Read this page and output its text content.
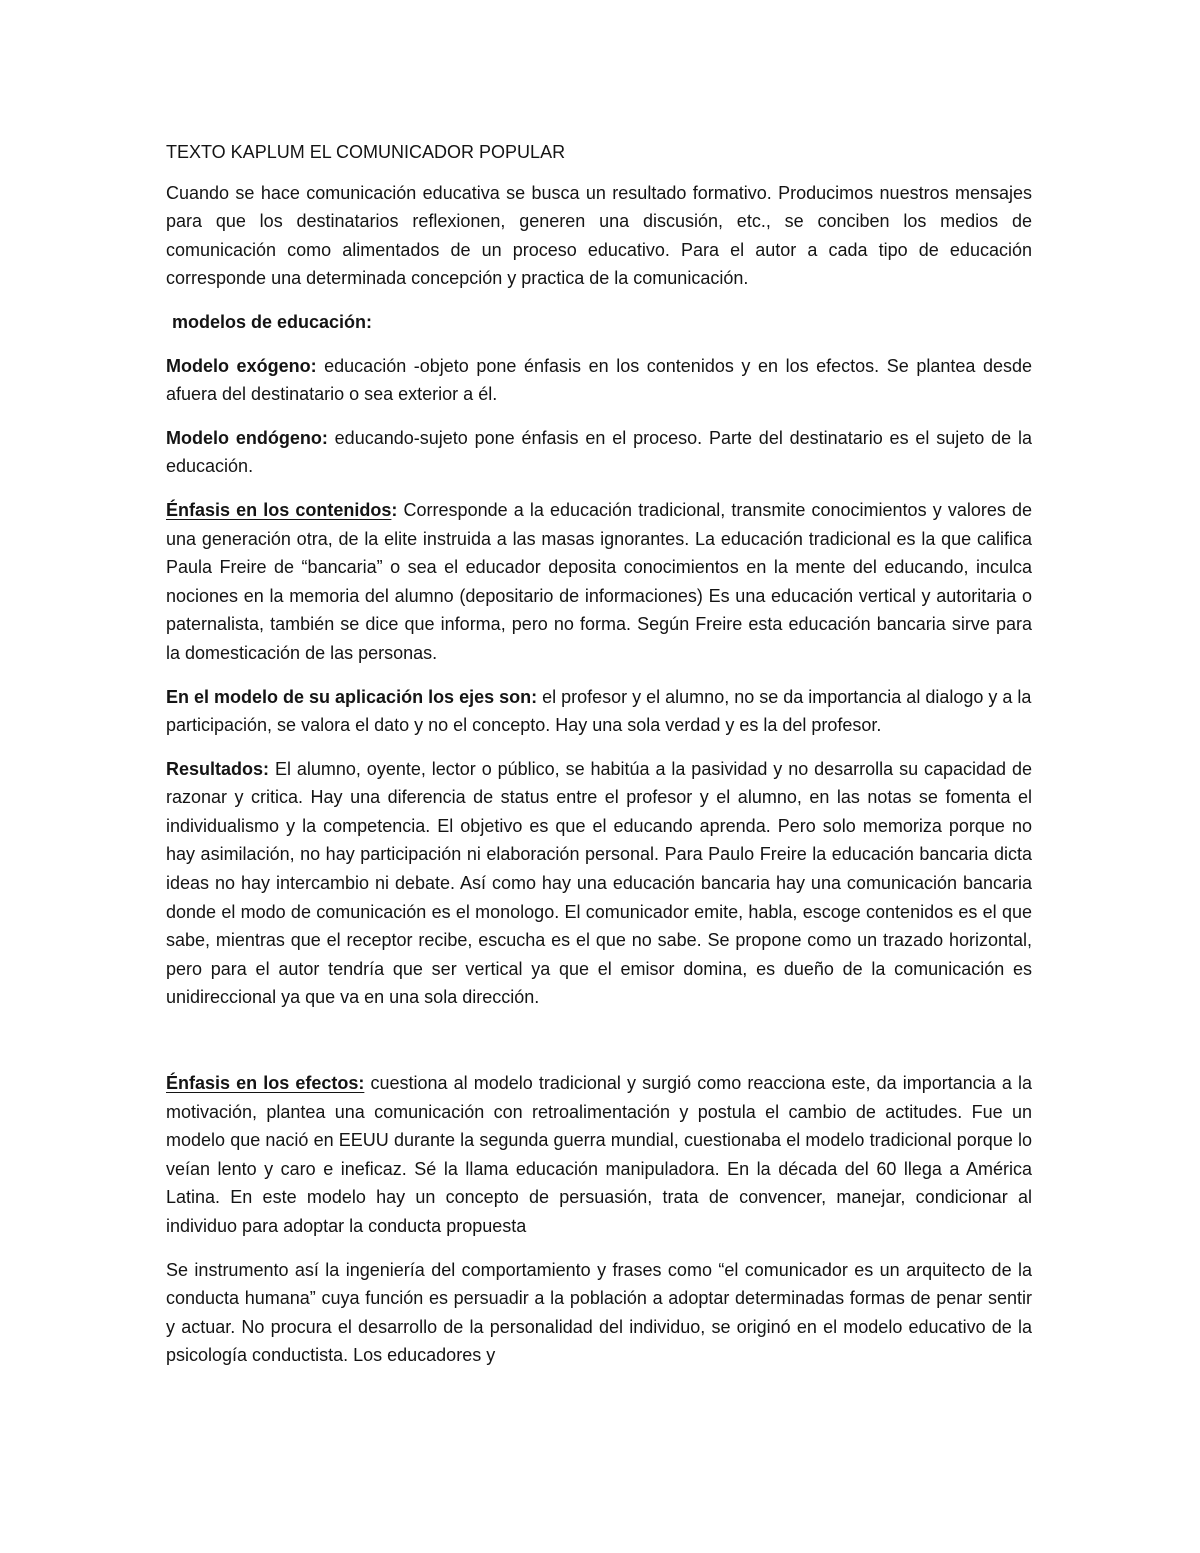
TEXTO KAPLUM EL COMUNICADOR POPULAR

Cuando se hace comunicación educativa se busca un resultado formativo. Producimos nuestros mensajes para que los destinatarios reflexionen, generen una discusión, etc., se conciben los medios de comunicación como alimentados de un proceso educativo. Para el autor a cada tipo de educación corresponde una determinada concepción y practica de la comunicación.

modelos de educación:

Modelo exógeno: educación -objeto pone énfasis en los contenidos y en los efectos. Se plantea desde afuera del destinatario o sea exterior a él.

Modelo endógeno: educando-sujeto pone énfasis en el proceso. Parte del destinatario es el sujeto de la educación.

Énfasis en los contenidos: Corresponde a la educación tradicional, transmite conocimientos y valores de una generación otra, de la elite instruida a las masas ignorantes. La educación tradicional es la que califica Paula Freire de “bancaria” o sea el educador deposita conocimientos en la mente del educando, inculca nociones en la memoria del alumno (depositario de informaciones) Es una educación vertical y autoritaria o paternalista, también se dice que informa, pero no forma. Según Freire esta educación bancaria sirve para la domesticación de las personas.

En el modelo de su aplicación los ejes son: el profesor y el alumno, no se da importancia al dialogo y a la participación, se valora el dato y no el concepto. Hay una sola verdad y es la del profesor.

Resultados: El alumno, oyente, lector o público, se habitúa a la pasividad y no desarrolla su capacidad de razonar y critica. Hay una diferencia de status entre el profesor y el alumno, en las notas se fomenta el individualismo y la competencia. El objetivo es que el educando aprenda. Pero solo memoriza porque no hay asimilación, no hay participación ni elaboración personal. Para Paulo Freire la educación bancaria dicta ideas no hay intercambio ni debate. Así como hay una educación bancaria hay una comunicación bancaria donde el modo de comunicación es el monologo. El comunicador emite, habla, escoge contenidos es el que sabe, mientras que el receptor recibe, escucha es el que no sabe. Se propone como un trazado horizontal, pero para el autor tendría que ser vertical ya que el emisor domina, es dueño de la comunicación es unidireccional ya que va en una sola dirección.

Énfasis en los efectos: cuestiona al modelo tradicional y surgió como reacciona este, da importancia a la motivación, plantea una comunicación con retroalimentación y postula el cambio de actitudes. Fue un modelo que nació en EEUU durante la segunda guerra mundial, cuestionaba el modelo tradicional porque lo veían lento y caro e ineficaz. Sé la llama educación manipuladora. En la década del 60 llega a América Latina. En este modelo hay un concepto de persuasión, trata de convencer, manejar, condicionar al individuo para adoptar la conducta propuesta

Se instrumento así la ingeniería del comportamiento y frases como “el comunicador es un arquitecto de la conducta humana” cuya función es persuadir a la población a adoptar determinadas formas de penar sentir y actuar. No procura el desarrollo de la personalidad del individuo, se originó en el modelo educativo de la psicología conductista. Los educadores y
